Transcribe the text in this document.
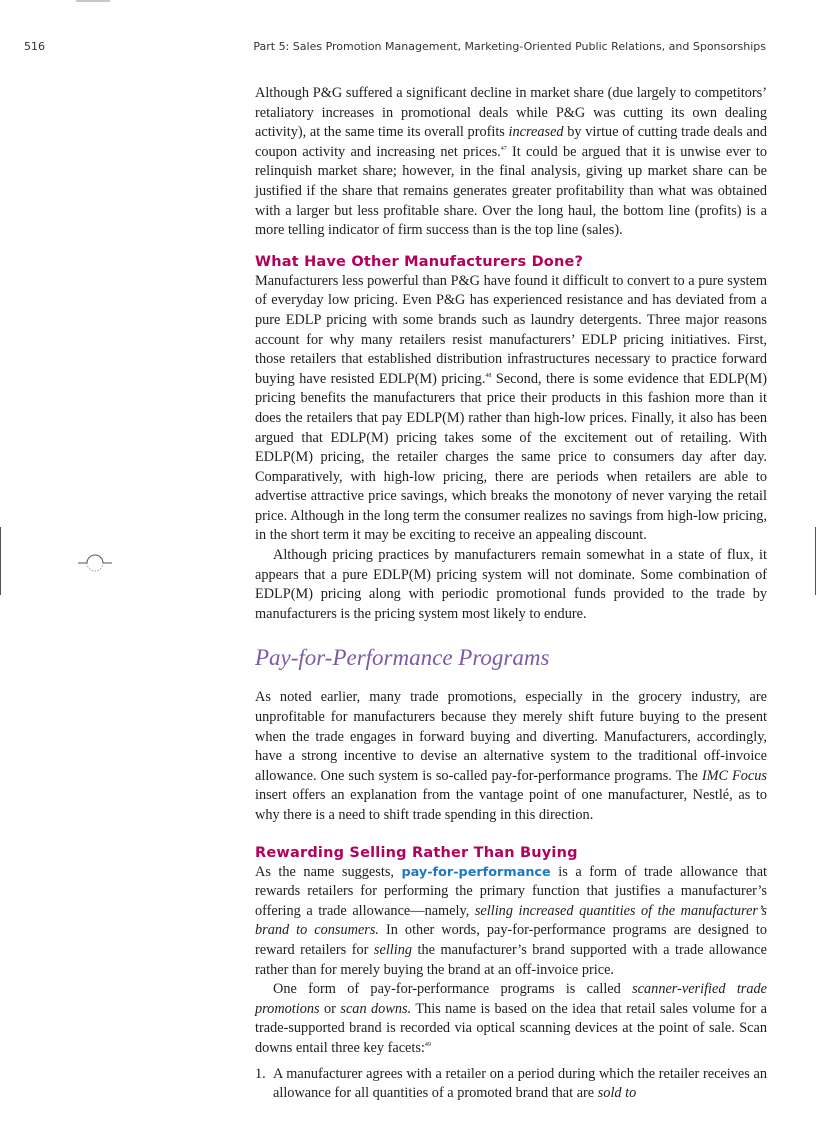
516	Part 5: Sales Promotion Management, Marketing-Oriented Public Relations, and Sponsorships

Although P&G suffered a significant decline in market share (due largely to competitors’ retaliatory increases in promotional deals while P&G was cutting its own dealing activity), at the same time its overall profits increased by virtue of cutting trade deals and coupon activity and increasing net prices.$^{47}$ It could be argued that it is unwise ever to relinquish market share; however, in the final analysis, giving up market share can be justified if the share that remains generates greater profitability than what was obtained with a larger but less profitable share. Over the long haul, the bottom line (profits) is a more telling indicator of firm success than is the top line (sales).

What Have Other Manufacturers Done?

Manufacturers less powerful than P&G have found it difficult to convert to a pure system of everyday low pricing. Even P&G has experienced resistance and has deviated from a pure EDLP pricing with some brands such as laundry detergents. Three major reasons account for why many retailers resist manufacturers’ EDLP pricing initiatives. First, those retailers that established distribution infrastructures necessary to practice forward buying have resisted EDLP(M) pricing.$^{48}$ Second, there is some evidence that EDLP(M) pricing benefits the manufacturers that price their products in this fashion more than it does the retailers that pay EDLP(M) rather than high-low prices. Finally, it also has been argued that EDLP(M) pricing takes some of the excitement out of retailing. With EDLP(M) pricing, the retailer charges the same price to consumers day after day. Comparatively, with high-low pricing, there are periods when retailers are able to advertise attractive price savings, which breaks the monotony of never varying the retail price. Although in the long term the consumer realizes no savings from high-low pricing, in the short term it may be exciting to receive an appealing discount.

Although pricing practices by manufacturers remain somewhat in a state of flux, it appears that a pure EDLP(M) pricing system will not dominate. Some combination of EDLP(M) pricing along with periodic promotional funds provided to the trade by manufacturers is the pricing system most likely to endure.

Pay-for-Performance Programs

As noted earlier, many trade promotions, especially in the grocery industry, are unprofitable for manufacturers because they merely shift future buying to the present when the trade engages in forward buying and diverting. Manufacturers, accordingly, have a strong incentive to devise an alternative system to the traditional off-invoice allowance. One such system is so-called pay-for-performance programs. The IMC Focus insert offers an explanation from the vantage point of one manufacturer, Nestlé, as to why there is a need to shift trade spending in this direction.

Rewarding Selling Rather Than Buying

As the name suggests, pay-for-performance is a form of trade allowance that rewards retailers for performing the primary function that justifies a manufacturer’s offering a trade allowance—namely, selling increased quantities of the manufacturer’s brand to consumers. In other words, pay-for-performance programs are designed to reward retailers for selling the manufacturer’s brand supported with a trade allowance rather than for merely buying the brand at an off-invoice price.

One form of pay-for-performance programs is called scanner-verified trade promotions or scan downs. This name is based on the idea that retail sales volume for a trade-supported brand is recorded via optical scanning devices at the point of sale. Scan downs entail three key facets:$^{49}$

1. A manufacturer agrees with a retailer on a period during which the retailer receives an allowance for all quantities of a promoted brand that are sold to
